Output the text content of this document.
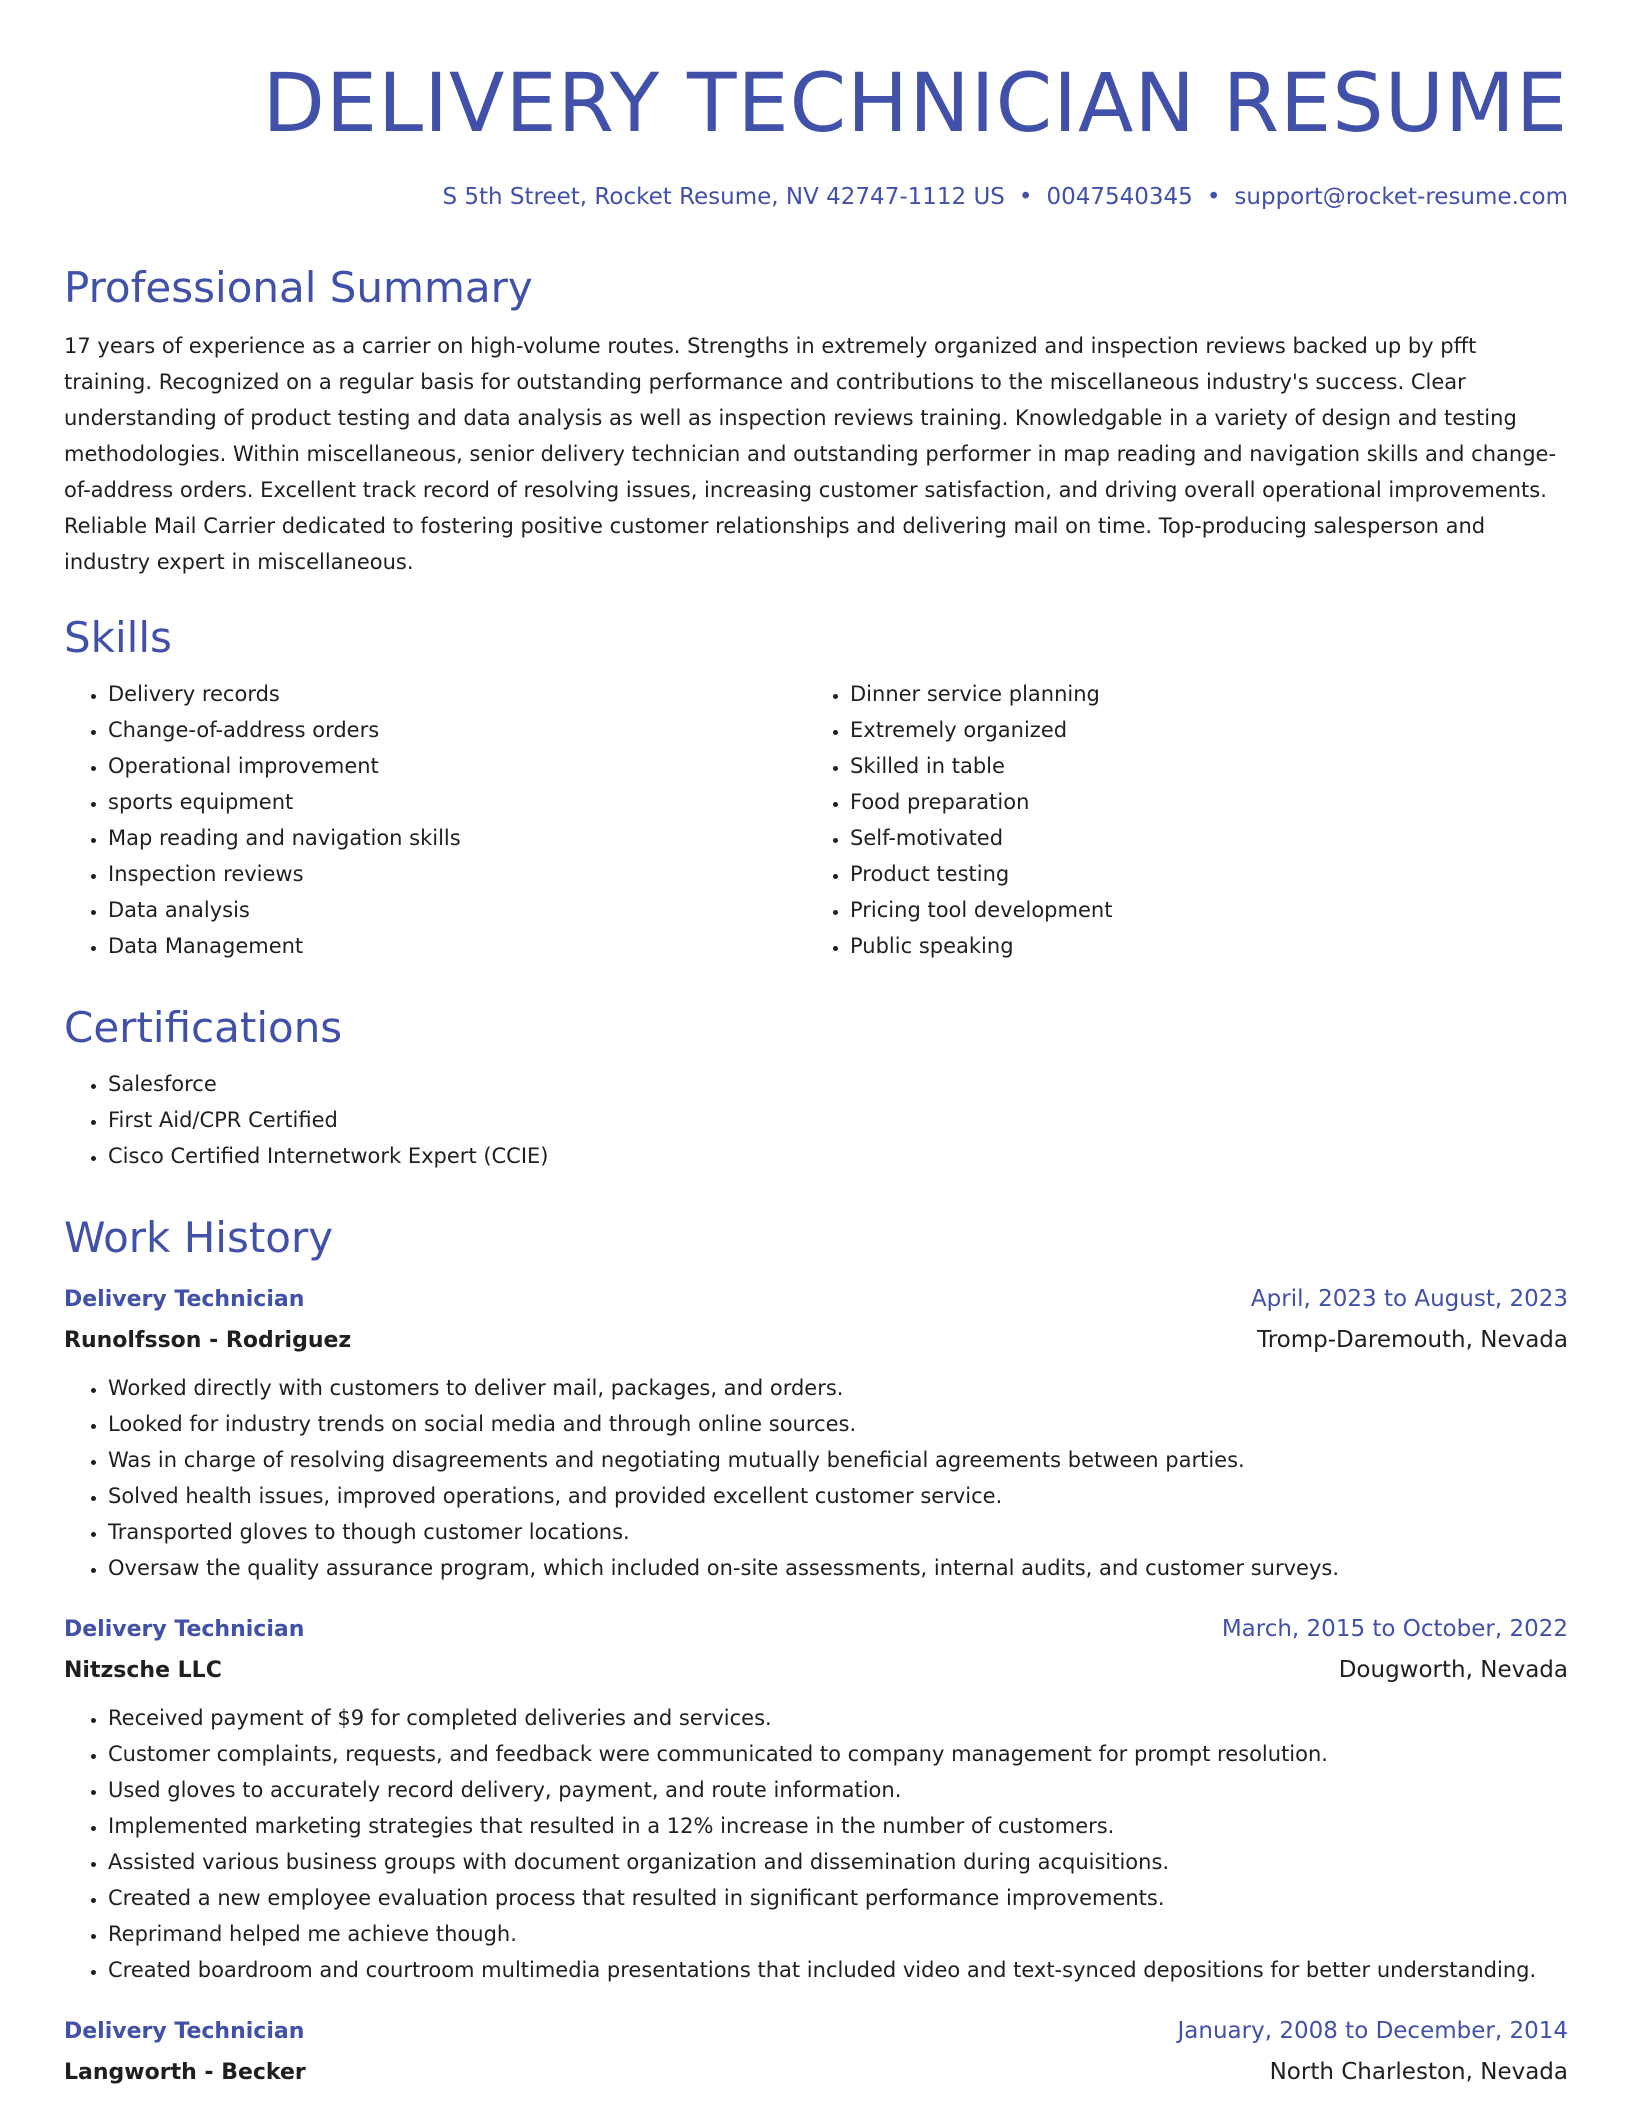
DELIVERY TECHNICIAN RESUME
S 5th Street, Rocket Resume, NV 42747-1112 US • 0047540345 • support@rocket-resume.com
Professional Summary

17 years of experience as a carrier on high-volume routes. Strengths in extremely organized and inspection reviews backed up by pfft training. Recognized on a regular basis for outstanding performance and contributions to the miscellaneous industry's success. Clear understanding of product testing and data analysis as well as inspection reviews training. Knowledgable in a variety of design and testing methodologies. Within miscellaneous, senior delivery technician and outstanding performer in map reading and navigation skills and change-of-address orders. Excellent track record of resolving issues, increasing customer satisfaction, and driving overall operational improvements. Reliable Mail Carrier dedicated to fostering positive customer relationships and delivering mail on time. Top-producing salesperson and industry expert in miscellaneous.

Skills
• Delivery records
• Change-of-address orders
• Operational improvement
• sports equipment
• Map reading and navigation skills
• Inspection reviews
• Data analysis
• Data Management
• Dinner service planning
• Extremely organized
• Skilled in table
• Food preparation
• Self-motivated
• Product testing
• Pricing tool development
• Public speaking
Certifications
• Salesforce
• First Aid/CPR Certified
• Cisco Certified Internetwork Expert (CCIE)
Work History
Delivery Technician	April, 2023 to August, 2023
Runolfsson - Rodriguez	Tromp-Daremouth, Nevada
• Worked directly with customers to deliver mail, packages, and orders.
• Looked for industry trends on social media and through online sources.
• Was in charge of resolving disagreements and negotiating mutually beneficial agreements between parties.
• Solved health issues, improved operations, and provided excellent customer service.
• Transported gloves to though customer locations.
• Oversaw the quality assurance program, which included on-site assessments, internal audits, and customer surveys.
Delivery Technician	March, 2015 to October, 2022
Nitzsche LLC	Dougworth, Nevada
• Received payment of $9 for completed deliveries and services.
• Customer complaints, requests, and feedback were communicated to company management for prompt resolution.
• Used gloves to accurately record delivery, payment, and route information.
• Implemented marketing strategies that resulted in a 12% increase in the number of customers.
• Assisted various business groups with document organization and dissemination during acquisitions.
• Created a new employee evaluation process that resulted in significant performance improvements.
• Reprimand helped me achieve though.
• Created boardroom and courtroom multimedia presentations that included video and text-synced depositions for better understanding.
Delivery Technician	January, 2008 to December, 2014
Langworth - Becker	North Charleston, Nevada
